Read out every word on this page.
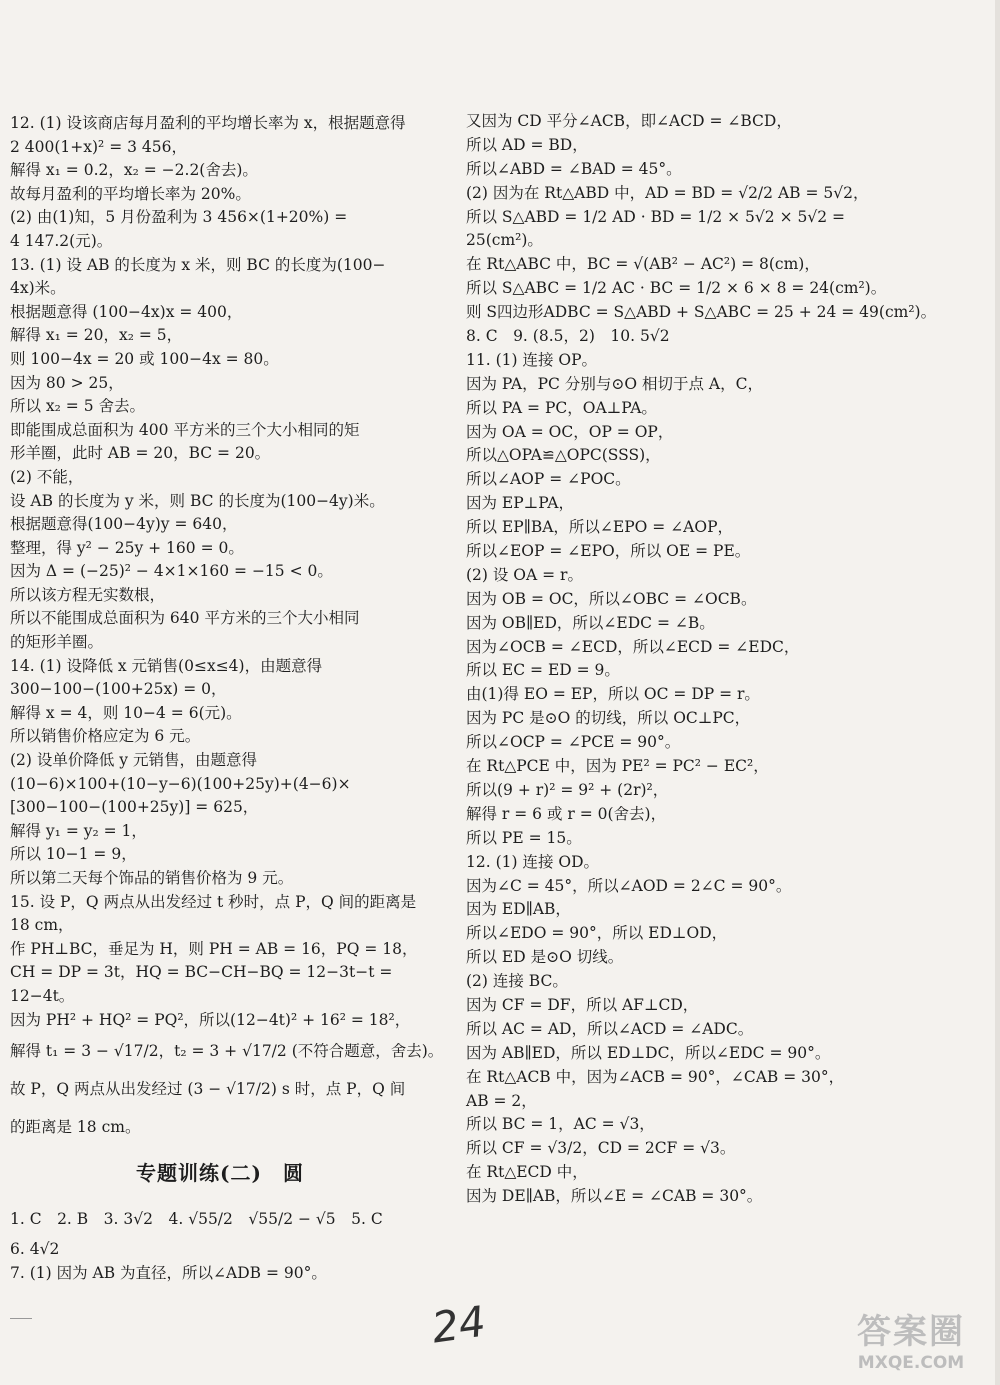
12. (1) 设该商店每月盈利的平均增长率为 x，根据题意得
2 400(1+x)² = 3 456，
解得 x₁ = 0.2，x₂ = −2.2(舍去)。
故每月盈利的平均增长率为 20%。
(2) 由(1)知，5 月份盈利为 3 456×(1+20%) =
4 147.2(元)。
13. (1) 设 AB 的长度为 x 米，则 BC 的长度为(100−
4x)米。
根据题意得 (100−4x)x = 400，
解得 x₁ = 20，x₂ = 5，
则 100−4x = 20 或 100−4x = 80。
因为 80 > 25，
所以 x₂ = 5 舍去。
即能围成总面积为 400 平方米的三个大小相同的矩
形羊圈，此时 AB = 20，BC = 20。
(2) 不能，
设 AB 的长度为 y 米，则 BC 的长度为(100−4y)米。
根据题意得(100−4y)y = 640，
整理，得 y² − 25y + 160 = 0。
因为 Δ = (−25)² − 4×1×160 = −15 < 0。
所以该方程无实数根，
所以不能围成总面积为 640 平方米的三个大小相同
的矩形羊圈。
14. (1) 设降低 x 元销售(0≤x≤4)，由题意得
300−100−(100+25x) = 0，
解得 x = 4，则 10−4 = 6(元)。
所以销售价格应定为 6 元。
(2) 设单价降低 y 元销售，由题意得
(10−6)×100+(10−y−6)(100+25y)+(4−6)×
[300−100−(100+25y)] = 625，
解得 y₁ = y₂ = 1，
所以 10−1 = 9，
所以第二天每个饰品的销售价格为 9 元。
15. 设 P，Q 两点从出发经过 t 秒时，点 P，Q 间的距离是
18 cm，
作 PH⊥BC，垂足为 H，则 PH = AB = 16，PQ = 18，
CH = DP = 3t，HQ = BC−CH−BQ = 12−3t−t =
12−4t。
因为 PH² + HQ² = PQ²，所以(12−4t)² + 16² = 18²，
解得 t₁ = 3 − √17/2，t₂ = 3 + √17/2 (不符合题意，舍去)。
故 P，Q 两点从出发经过 (3 − √17/2) s 时，点 P，Q 间
的距离是 18 cm。
专题训练(二)　圆
1. C　2. B　3. 3√2　4. √55/2　√55/2 − √5　5. C
6. 4√2
7. (1) 因为 AB 为直径，所以∠ADB = 90°。
又因为 CD 平分∠ACB，即∠ACD = ∠BCD，
所以 AD = BD，
所以∠ABD = ∠BAD = 45°。
(2) 因为在 Rt△ABD 中，AD = BD = √2/2 AB = 5√2，
所以 S△ABD = 1/2 AD · BD = 1/2 × 5√2 × 5√2 =
25(cm²)。
在 Rt△ABC 中，BC = √(AB² − AC²) = 8(cm)，
所以 S△ABC = 1/2 AC · BC = 1/2 × 6 × 8 = 24(cm²)。
则 S四边形ADBC = S△ABD + S△ABC = 25 + 24 = 49(cm²)。
8. C　9. (8.5，2)　10. 5√2
11. (1) 连接 OP。
因为 PA，PC 分别与⊙O 相切于点 A，C，
所以 PA = PC，OA⊥PA。
因为 OA = OC，OP = OP，
所以△OPA≌△OPC(SSS)，
所以∠AOP = ∠POC。
因为 EP⊥PA，
所以 EP∥BA，所以∠EPO = ∠AOP，
所以∠EOP = ∠EPO，所以 OE = PE。
(2) 设 OA = r。
因为 OB = OC，所以∠OBC = ∠OCB。
因为 OB∥ED，所以∠EDC = ∠B。
因为∠OCB = ∠ECD，所以∠ECD = ∠EDC，
所以 EC = ED = 9。
由(1)得 EO = EP，所以 OC = DP = r。
因为 PC 是⊙O 的切线，所以 OC⊥PC，
所以∠OCP = ∠PCE = 90°。
在 Rt△PCE 中，因为 PE² = PC² − EC²，
所以(9 + r)² = 9² + (2r)²，
解得 r = 6 或 r = 0(舍去)，
所以 PE = 15。
12. (1) 连接 OD。
因为∠C = 45°，所以∠AOD = 2∠C = 90°。
因为 ED∥AB，
所以∠EDO = 90°，所以 ED⊥OD，
所以 ED 是⊙O 切线。
(2) 连接 BC。
因为 CF = DF，所以 AF⊥CD，
所以 AC = AD，所以∠ACD = ∠ADC。
因为 AB∥ED，所以 ED⊥DC，所以∠EDC = 90°。
在 Rt△ACB 中，因为∠ACB = 90°，∠CAB = 30°，
AB = 2，
所以 BC = 1，AC = √3，
所以 CF = √3/2，CD = 2CF = √3。
在 Rt△ECD 中，
因为 DE∥AB，所以∠E = ∠CAB = 30°。
24	答案圈
MXQE.COM
